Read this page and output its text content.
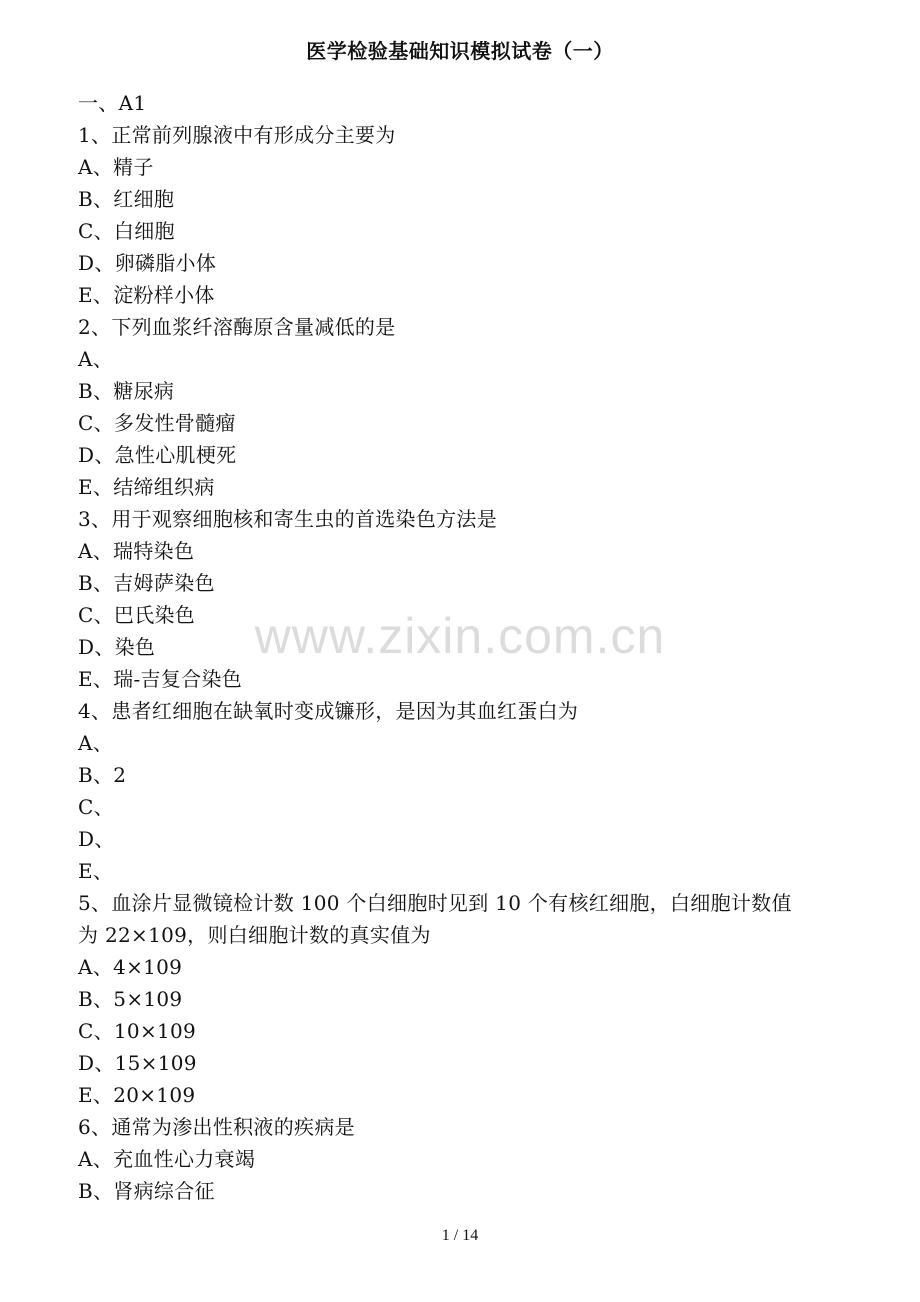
医学检验基础知识模拟试卷（一）
一、A1
1、正常前列腺液中有形成分主要为
A、精子
B、红细胞
C、白细胞
D、卵磷脂小体
E、淀粉样小体
2、下列血浆纤溶酶原含量减低的是
A、
B、糖尿病
C、多发性骨髓瘤
D、急性心肌梗死
E、结缔组织病
3、用于观察细胞核和寄生虫的首选染色方法是
A、瑞特染色
B、吉姆萨染色
C、巴氏染色
D、染色
E、瑞-吉复合染色
4、患者红细胞在缺氧时变成镰形，是因为其血红蛋白为
A、
B、2
C、
D、
E、
5、血涂片显微镜检计数 100 个白细胞时见到 10 个有核红细胞，白细胞计数值
为 22×109，则白细胞计数的真实值为
A、4×109
B、5×109
C、10×109
D、15×109
E、20×109
6、通常为渗出性积液的疾病是
A、充血性心力衰竭
B、肾病综合征
www.zixin.com.cn
1 / 14
